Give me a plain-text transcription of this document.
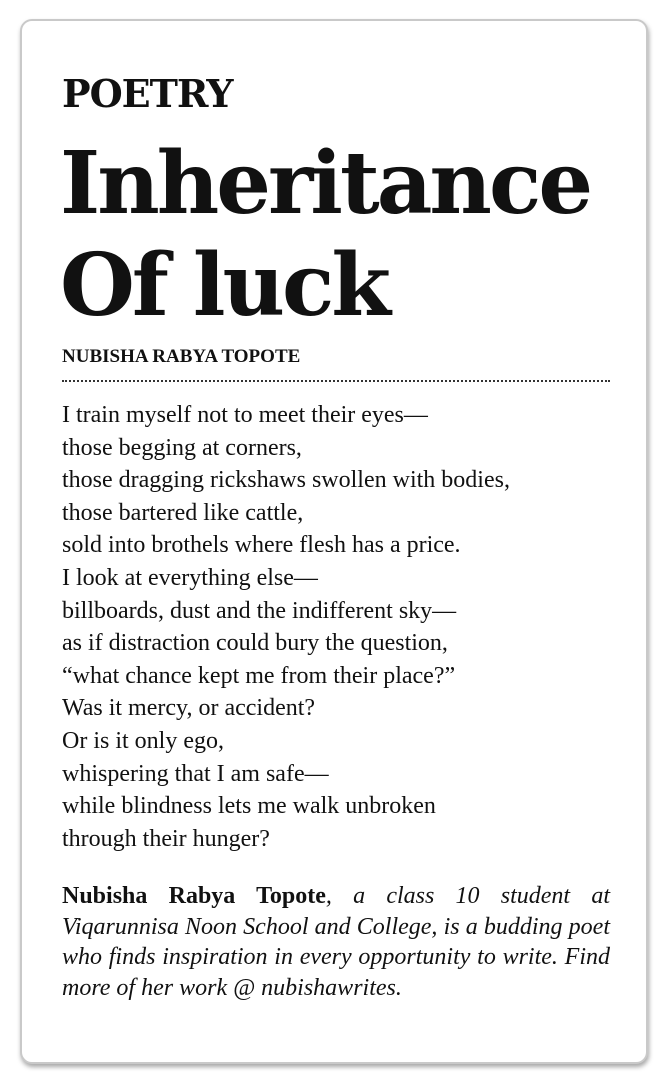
POETRY
Inheritance Of luck

NUBISHA RABYA TOPOTE

I train myself not to meet their eyes—
those begging at corners,
those dragging rickshaws swollen with bodies,
those bartered like cattle,
sold into brothels where flesh has a price.
I look at everything else—
billboards, dust and the indifferent sky—
as if distraction could bury the question,
“what chance kept me from their place?”
Was it mercy, or accident?
Or is it only ego,
whispering that I am safe—
while blindness lets me walk unbroken
through their hunger?

Nubisha Rabya Topote, a class 10 student at Viqarunnisa Noon School and College, is a budding poet who finds inspiration in every opportunity to write. Find more of her work @ nubishawrites.
